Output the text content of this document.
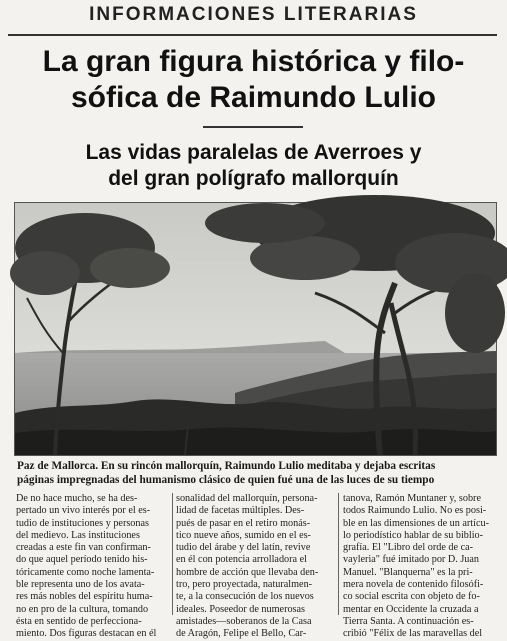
INFORMACIONES LITERARIAS
La gran figura histórica y filo-
sófica de Raimundo Lulio
Las vidas paralelas de Averroes y
del gran polígrafo mallorquín
Paz de Mallorca. En su rincón mallorquín, Raimundo Lulio meditaba y dejaba escritas
páginas impregnadas del humanismo clásico de quien fué una de las luces de su tiempo
De no hace mucho, se ha des-
pertado un vivo interés por el es-
tudio de instituciones y personas
del medievo. Las instituciones
creadas a este fin van confirman-
do que aquel período tenido his-
tóricamente como noche lamenta-
ble representa uno de los avata-
res más nobles del espíritu huma-
no en pro de la cultura, tomando
ésta en sentido de perfecciona-
miento. Dos figuras destacan en él
sonalidad del mallorquín, persona-
lidad de facetas múltiples. Des-
pués de pasar en el retiro monás-
tico nueve años, sumido en el es-
tudio del árabe y del latín, revive
en él con potencia arrolladora el
hombre de acción que llevaba den-
tro, pero proyectada, naturalmen-
te, a la consecución de los nuevos
ideales. Poseedor de numerosas
amistades—soberanos de la Casa
de Aragón, Felipe el Bello, Car-
tanova, Ramón Muntaner y, sobre
todos Raimundo Lulio. No es posi-
ble en las dimensiones de un artícu-
lo periodístico hablar de su biblio-
grafía. El "Libro del orde de ca-
vayleria" fué imitado por D. Juan
Manuel. "Blanquerna" es la pri-
mera novela de contenido filosófi-
co social escrita con objeto de fo-
mentar en Occidente la cruzada a
Tierra Santa. A continuación es-
cribió "Félix de las maravellas del
